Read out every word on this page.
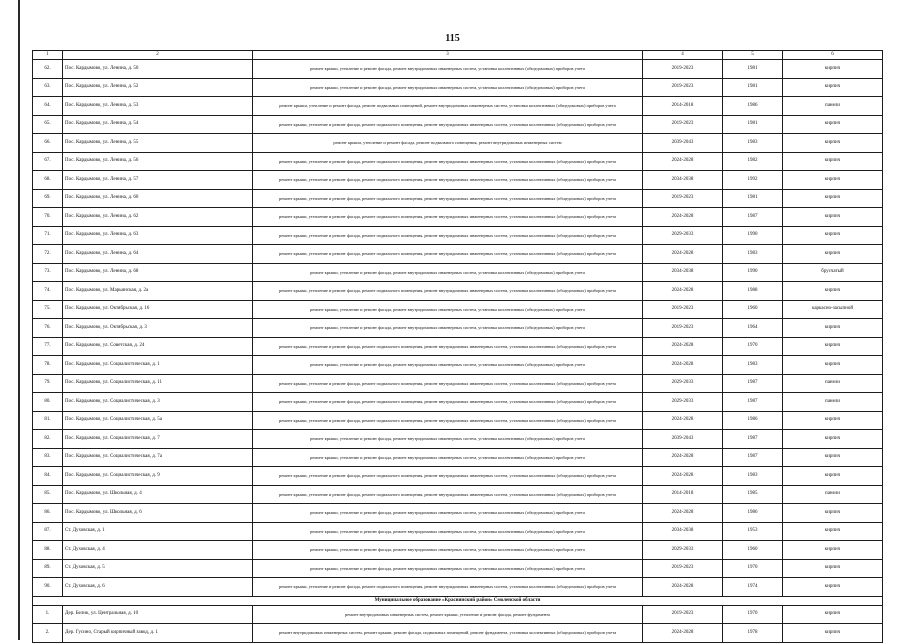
115
1	2	3	4	5	6
62.	Пос. Кардымово, ул. Ленина, д. 50	ремонт крыши, утепление и ремонт фасада, ремонт внутридомовых инженерных систем, установка коллективных (общедомовых) приборов учета	2019-2023	1981	кирпич
63.	Пос. Кардымово, ул. Ленина, д. 52	ремонт крыши, утепление и ремонт фасада, ремонт внутридомовых инженерных систем, установка коллективных (общедомовых) приборов учета	2019-2023	1981	кирпич
64.	Пос. Кардымово, ул. Ленина, д. 53	ремонт крыши, утепление и ремонт фасада, ремонт подвальных помещений, ремонт внутридомовых инженерных систем, установка коллективных (общедомовых) приборов учета	2014-2018	1986	панели
65.	Пос. Кардымово, ул. Ленина, д. 54	ремонт крыши, утепление и ремонт фасада, ремонт подвального помещения, ремонт внутридомовых инженерных систем, установка коллективных (общедомовых) приборов учета	2019-2023	1981	кирпич
66.	Пос. Кардымово, ул. Ленина, д. 55	ремонт крыши, утепление и ремонт фасада, ремонт подвального помещения, ремонт внутридомовых инженерных систем	2039-2043	1983	кирпич
67.	Пос. Кардымово, ул. Ленина, д. 56	ремонт крыши, утепление и ремонт фасада, ремонт подвального помещения, ремонт внутридомовых инженерных систем, установка коллективных (общедомовых) приборов учета	2024-2028	1982	кирпич
68.	Пос. Кардымово, ул. Ленина, д. 57	ремонт крыши, утепление и ремонт фасада, ремонт подвального помещения, ремонт внутридомовых инженерных систем, установка коллективных (общедомовых) приборов учета	2034-2038	1992	кирпич
69.	Пос. Кардымово, ул. Ленина, д. 60	ремонт крыши, утепление и ремонт фасада, ремонт подвального помещения, ремонт внутридомовых инженерных систем, установка коллективных (общедомовых) приборов учета	2019-2023	1981	кирпич
70.	Пос. Кардымово, ул. Ленина, д. 62	ремонт крыши, утепление и ремонт фасада, ремонт подвального помещения, ремонт внутридомовых инженерных систем, установка коллективных (общедомовых) приборов учета	2024-2028	1987	кирпич
71.	Пос. Кардымово, ул. Ленина, д. 63	ремонт крыши, утепление и ремонт фасада, ремонт подвального помещения, ремонт внутридомовых инженерных систем, установка коллективных (общедомовых) приборов учета	2029-2033	1990	кирпич
72.	Пос. Кардымово, ул. Ленина, д. 64	ремонт крыши, утепление и ремонт фасада, ремонт подвального помещения, ремонт внутридомовых инженерных систем, установка коллективных (общедомовых) приборов учета	2024-2028	1983	кирпич
73.	Пос. Кардымово, ул. Ленина, д. 68	ремонт крыши, утепление и ремонт фасада, ремонт внутридомовых инженерных систем, установка коллективных (общедомовых) приборов учета	2034-2038	1990	брусчатый
74.	Пос. Кардымово, ул. Марьинская, д. 2а	ремонт крыши, утепление и ремонт фасада, ремонт подвального помещения, ремонт внутридомовых инженерных систем, установка коллективных (общедомовых) приборов учета	2024-2028	1988	кирпич
75.	Пос. Кардымово, ул. Октябрьская, д. 16	ремонт крыши, утепление и ремонт фасада, ремонт внутридомовых инженерных систем, установка коллективных (общедомовых) приборов учета	2019-2023	1960	каркасно-засыпной
76.	Пос. Кардымово, ул. Октябрьская, д. 3	ремонт крыши, утепление и ремонт фасада, ремонт внутридомовых инженерных систем, установка коллективных (общедомовых) приборов учета	2019-2023	1964	кирпич
77.	Пос. Кардымово, ул. Советская, д. 24	ремонт крыши, утепление и ремонт фасада, ремонт подвального помещения, ремонт внутридомовых инженерных систем, установка коллективных (общедомовых) приборов учета	2024-2028	1970	кирпич
78.	Пос. Кардымово, ул. Социалистическая, д. 1	ремонт крыши, утепление и ремонт фасада, ремонт внутридомовых инженерных систем, установка коллективных (общедомовых) приборов учета	2024-2028	1983	кирпич
79.	Пос. Кардымово, ул. Социалистическая, д. 11	ремонт крыши, утепление и ремонт фасада, ремонт подвального помещения, ремонт внутридомовых инженерных систем, установка коллективных (общедомовых) приборов учета	2029-2033	1987	панели
80.	Пос. Кардымово, ул. Социалистическая, д. 3	ремонт крыши, утепление и ремонт фасада, ремонт подвального помещения, ремонт внутридомовых инженерных систем, установка коллективных (общедомовых) приборов учета	2029-2033	1987	панели
81.	Пос. Кардымово, ул. Социалистическая, д. 5а	ремонт крыши, утепление и ремонт фасада, ремонт подвального помещения, ремонт внутридомовых инженерных систем, установка коллективных (общедомовых) приборов учета	2024-2028	1986	кирпич
82.	Пос. Кардымово, ул. Социалистическая, д. 7	ремонт крыши, утепление и ремонт фасада, ремонт внутридомовых инженерных систем, установка коллективных (общедомовых) приборов учета	2039-2043	1987	кирпич
83.	Пос. Кардымово, ул. Социалистическая, д. 7а	ремонт крыши, утепление и ремонт фасада, ремонт внутридомовых инженерных систем, установка коллективных (общедомовых) приборов учета	2024-2028	1987	кирпич
84.	Пос. Кардымово, ул. Социалистическая, д. 9	ремонт крыши, утепление и ремонт фасада, ремонт подвального помещения, ремонт внутридомовых инженерных систем, установка коллективных (общедомовых) приборов учета	2024-2028	1983	кирпич
85.	Пос. Кардымово, ул. Школьная, д. 4	ремонт крыши, утепление и ремонт фасада, ремонт подвального помещения, ремонт внутридомовых инженерных систем, установка коллективных (общедомовых) приборов учета	2014-2018	1985	панели
86.	Пос. Кардымово, ул. Школьная, д. 6	ремонт крыши, утепление и ремонт фасада, ремонт внутридомовых инженерных систем, установка коллективных (общедомовых) приборов учета	2024-2028	1986	кирпич
87.	Ст. Духовская, д. 1	ремонт крыши, утепление и ремонт фасада, ремонт внутридомовых инженерных систем, установка коллективных (общедомовых) приборов учета	2034-2038	1953	кирпич
88.	Ст. Духовская, д. 4	ремонт крыши, утепление и ремонт фасада, ремонт внутридомовых инженерных систем, установка коллективных (общедомовых) приборов учета	2029-2033	1960	кирпич
89.	Ст. Духовская, д. 5	ремонт крыши, утепление и ремонт фасада, ремонт внутридомовых инженерных систем, установка коллективных (общедомовых) приборов учета	2019-2023	1970	кирпич
90.	Ст. Духовская, д. 6	ремонт крыши, утепление и ремонт фасада, ремонт подвального помещения, ремонт внутридомовых инженерных систем, установка коллективных (общедомовых) приборов учета	2024-2028	1974	кирпич
Муниципальное образование «Краснинский район» Смоленской области					
1.	Дер. Белик, ул. Центральная, д. 10	ремонт внутридомовых инженерных систем, ремонт крыши, утепление и ремонт фасада, ремонт фундамента	2019-2023	1970	кирпич
2.	Дер. Гусино, Старый кирпичный завод, д. 1	ремонт внутридомовых инженерных систем, ремонт крыши, ремонт фасада, подвальных помещений, ремонт фундамента, установка коллективных (общедомовых) приборов учета	2024-2028	1978	кирпич
